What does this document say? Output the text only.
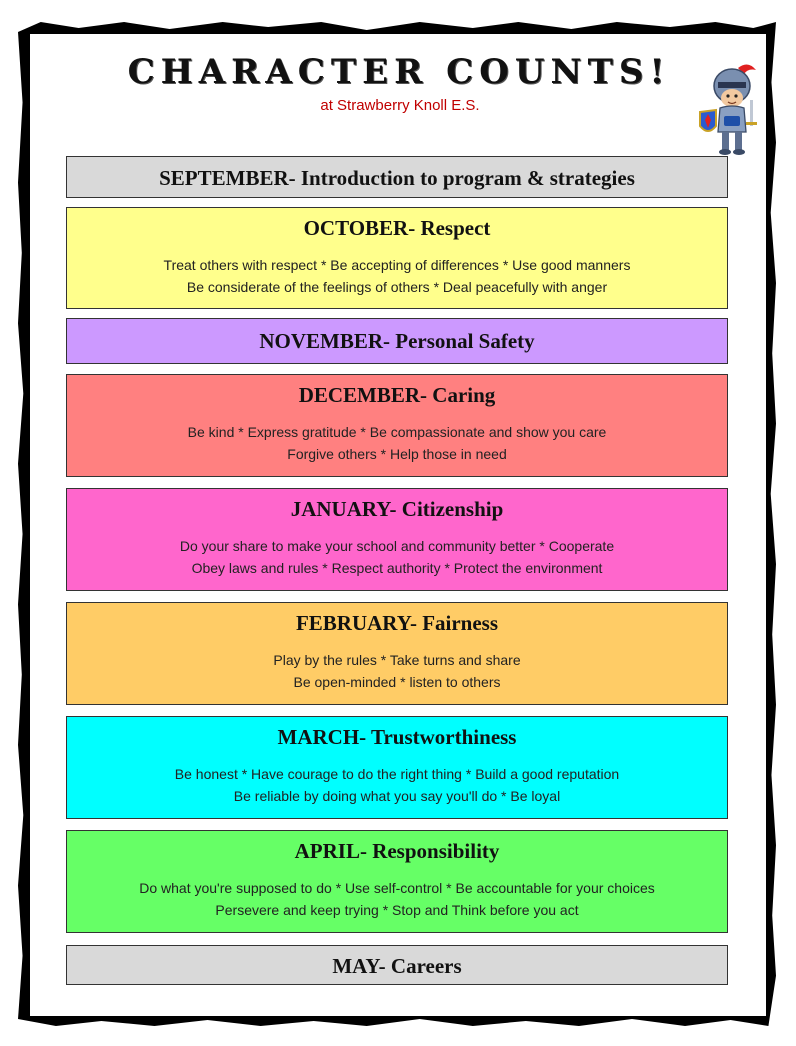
CHARACTER COUNTS!
at Strawberry Knoll E.S.
SEPTEMBER- Introduction to program & strategies
OCTOBER- Respect
Treat others with respect * Be accepting of differences * Use good manners
Be considerate of the feelings of others * Deal peacefully with anger
NOVEMBER- Personal Safety
DECEMBER- Caring
Be kind * Express gratitude * Be compassionate and show you care
Forgive others * Help those in need
JANUARY- Citizenship
Do your share to make your school and community better * Cooperate
Obey laws and rules * Respect authority * Protect the environment
FEBRUARY- Fairness
Play by the rules * Take turns and share
Be open-minded * listen to others
MARCH- Trustworthiness
Be honest * Have courage to do the right thing * Build a good reputation
Be reliable by doing what you say you'll do * Be loyal
APRIL- Responsibility
Do what you're supposed to do * Use self-control * Be accountable for your choices
Persevere and keep trying * Stop and Think before you act
MAY- Careers
